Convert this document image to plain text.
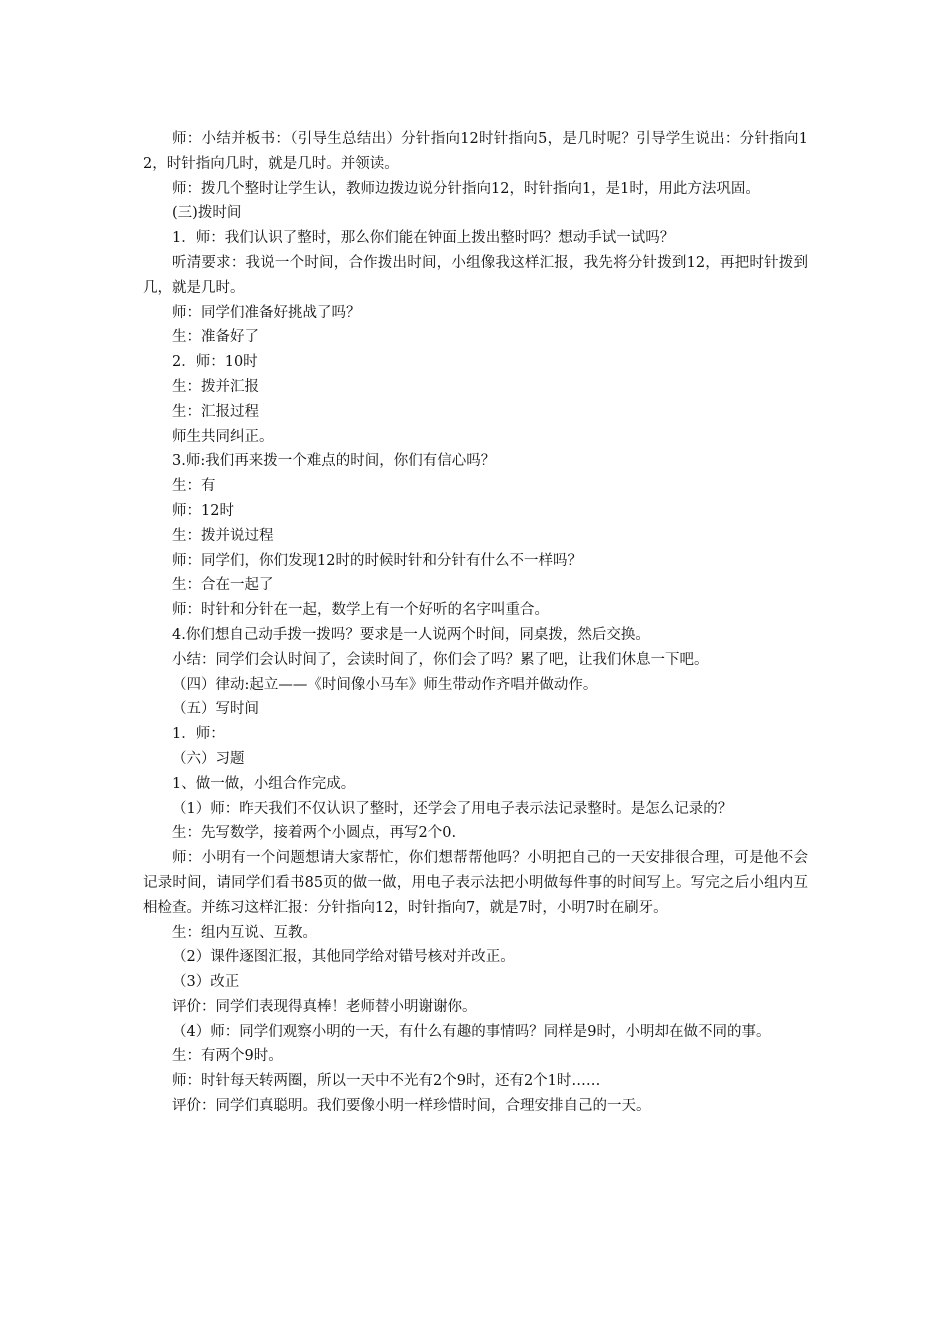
师：小结并板书：（引导生总结出）分针指向12时针指向5，是几时呢？引导学生说出：分针指向12，时针指向几时，就是几时。并领读。

师：拨几个整时让学生认，教师边拨边说分针指向12，时针指向1，是1时，用此方法巩固。

(三)拨时间

1．师：我们认识了整时，那么你们能在钟面上拨出整时吗？想动手试一试吗？

听清要求：我说一个时间，合作拨出时间，小组像我这样汇报，我先将分针拨到12，再把时针拨到几，就是几时。

师：同学们准备好挑战了吗？

生：准备好了

2．师：10时

生：拨并汇报

生：汇报过程

师生共同纠正。

3.师:我们再来拨一个难点的时间，你们有信心吗？

生：有

师：12时

生：拨并说过程

师：同学们，你们发现12时的时候时针和分针有什么不一样吗？

生：合在一起了

师：时针和分针在一起，数学上有一个好听的名字叫重合。

4.你们想自己动手拨一拨吗？要求是一人说两个时间，同桌拨，然后交换。

小结：同学们会认时间了，会读时间了，你们会了吗？累了吧，让我们休息一下吧。

（四）律动:起立——《时间像小马车》师生带动作齐唱并做动作。

（五）写时间

1．师：

（六）习题

1、做一做，小组合作完成。

（1）师：昨天我们不仅认识了整时，还学会了用电子表示法记录整时。是怎么记录的？

生：先写数学，接着两个小圆点，再写2个0.

师：小明有一个问题想请大家帮忙，你们想帮帮他吗？小明把自己的一天安排很合理，可是他不会记录时间，请同学们看书85页的做一做，用电子表示法把小明做每件事的时间写上。写完之后小组内互相检查。并练习这样汇报：分针指向12，时针指向7，就是7时，小明7时在刷牙。

生：组内互说、互教。

（2）课件逐图汇报，其他同学给对错号核对并改正。

（3）改正

评价：同学们表现得真棒！老师替小明谢谢你。

（4）师：同学们观察小明的一天，有什么有趣的事情吗？同样是9时，小明却在做不同的事。

生：有两个9时。

师：时针每天转两圈，所以一天中不光有2个9时，还有2个1时……

评价：同学们真聪明。我们要像小明一样珍惜时间，合理安排自己的一天。
